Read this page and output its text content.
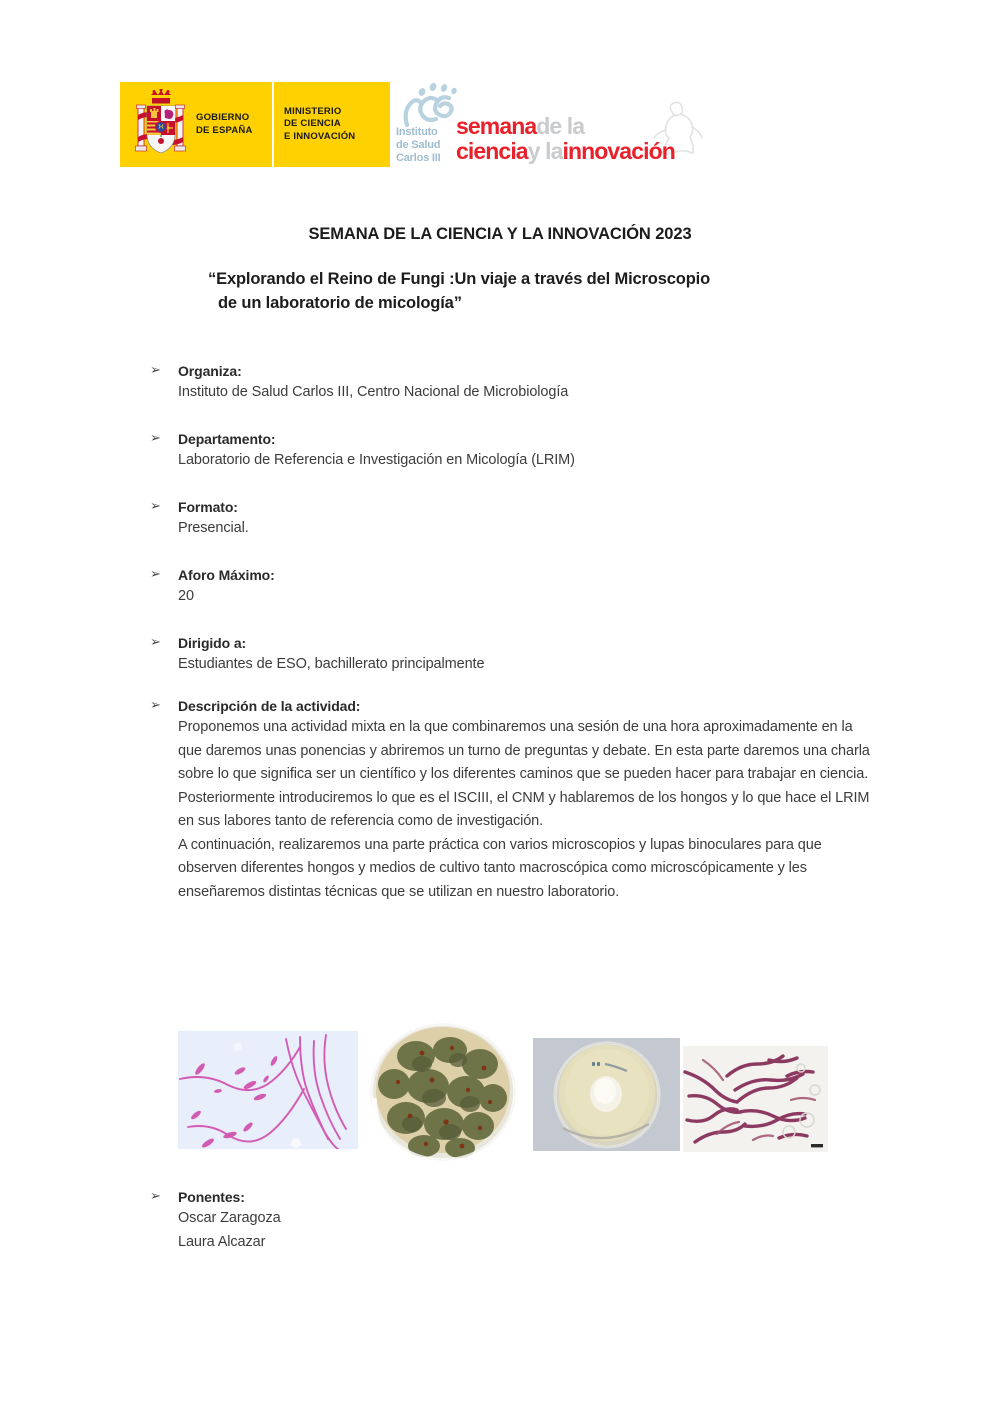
GOBIERNO
DE ESPAÑA
MINISTERIO
DE CIENCIA
E INNOVACIÓN	Instituto
de Salud
Carlos III
semanade la
cienciay lainnovación
SEMANA DE LA CIENCIA Y LA INNOVACIÓN 2023
“Explorando el Reino de Fungi :Un viaje a través del Microscopio
de un laboratorio de micología”
➢	Organiza:

Instituto de Salud Carlos III, Centro Nacional de Microbiología

➢	Departamento:

Laboratorio de Referencia e Investigación en Micología (LRIM)

➢	Formato:

Presencial.

➢	Aforo Máximo:

20

➢	Dirigido a:

Estudiantes de ESO, bachillerato principalmente

➢	Descripción de la actividad:

Proponemos una actividad mixta en la que combinaremos una sesión de una hora aproximadamente en la que daremos unas ponencias y abriremos un turno de preguntas y debate. En esta parte daremos una charla sobre lo que significa ser un científico y los diferentes caminos que se pueden hacer para trabajar en ciencia. Posteriormente introduciremos lo que es el ISCIII, el CNM y hablaremos de los hongos y lo que hace el LRIM en sus labores tanto de referencia como de investigación.

A continuación, realizaremos una parte práctica con varios microscopios y lupas binoculares para que observen diferentes hongos y medios de cultivo tanto macroscópica como microscópicamente y les enseñaremos distintas técnicas que se utilizan en nuestro laboratorio.

➢	Ponentes:

Oscar Zaragoza

Laura Alcazar
